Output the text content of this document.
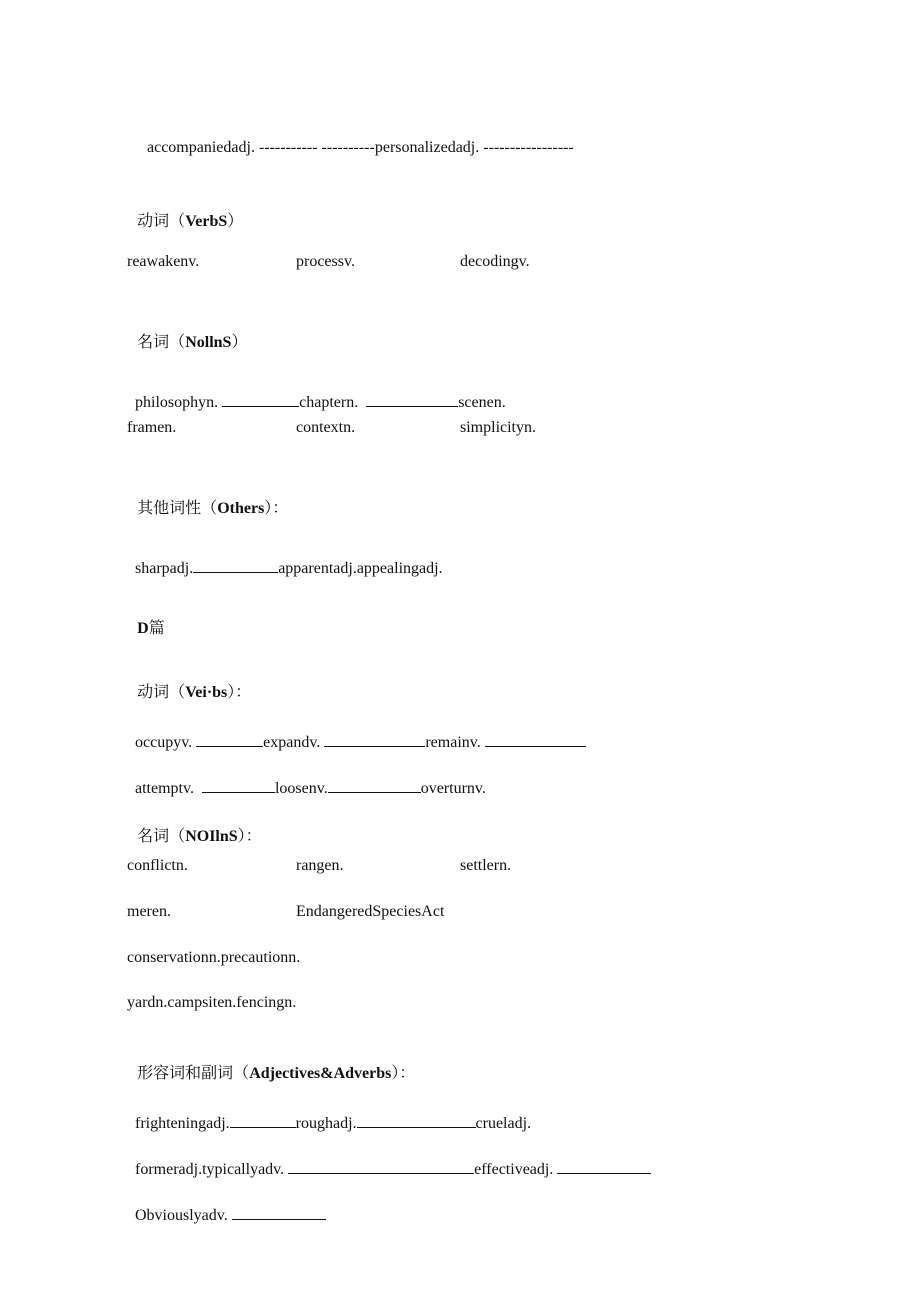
accompaniedadj. ----------- ----------personalizedadj. -----------------

动词（VerbS）

reawakenv.	processv.	decodingv.

名词（NollnS）

philosophyn.	chaptern.	scenen.

framen.	contextn.	simplicityn.

其他词性（Others）：

sharpadj.	apparentadj.appealingadj.

D篇

动词（Vei·bs）：

occupyv.	expandv.	remainv.

attemptv.	loosenv.	overturnv.

名词（NOIlnS）：

conflictn.	rangen.	settlern.
meren.	EndangeredSpeciesAct
conservationn.precautionn.
yardn.campsiten.fencingn.

形容词和副词（Adjectives&Adverbs）：

frighteningadj.	roughadj.	crueladj.

formeradj.typicallyadv.	effectiveadj.

Obviouslyadv.
